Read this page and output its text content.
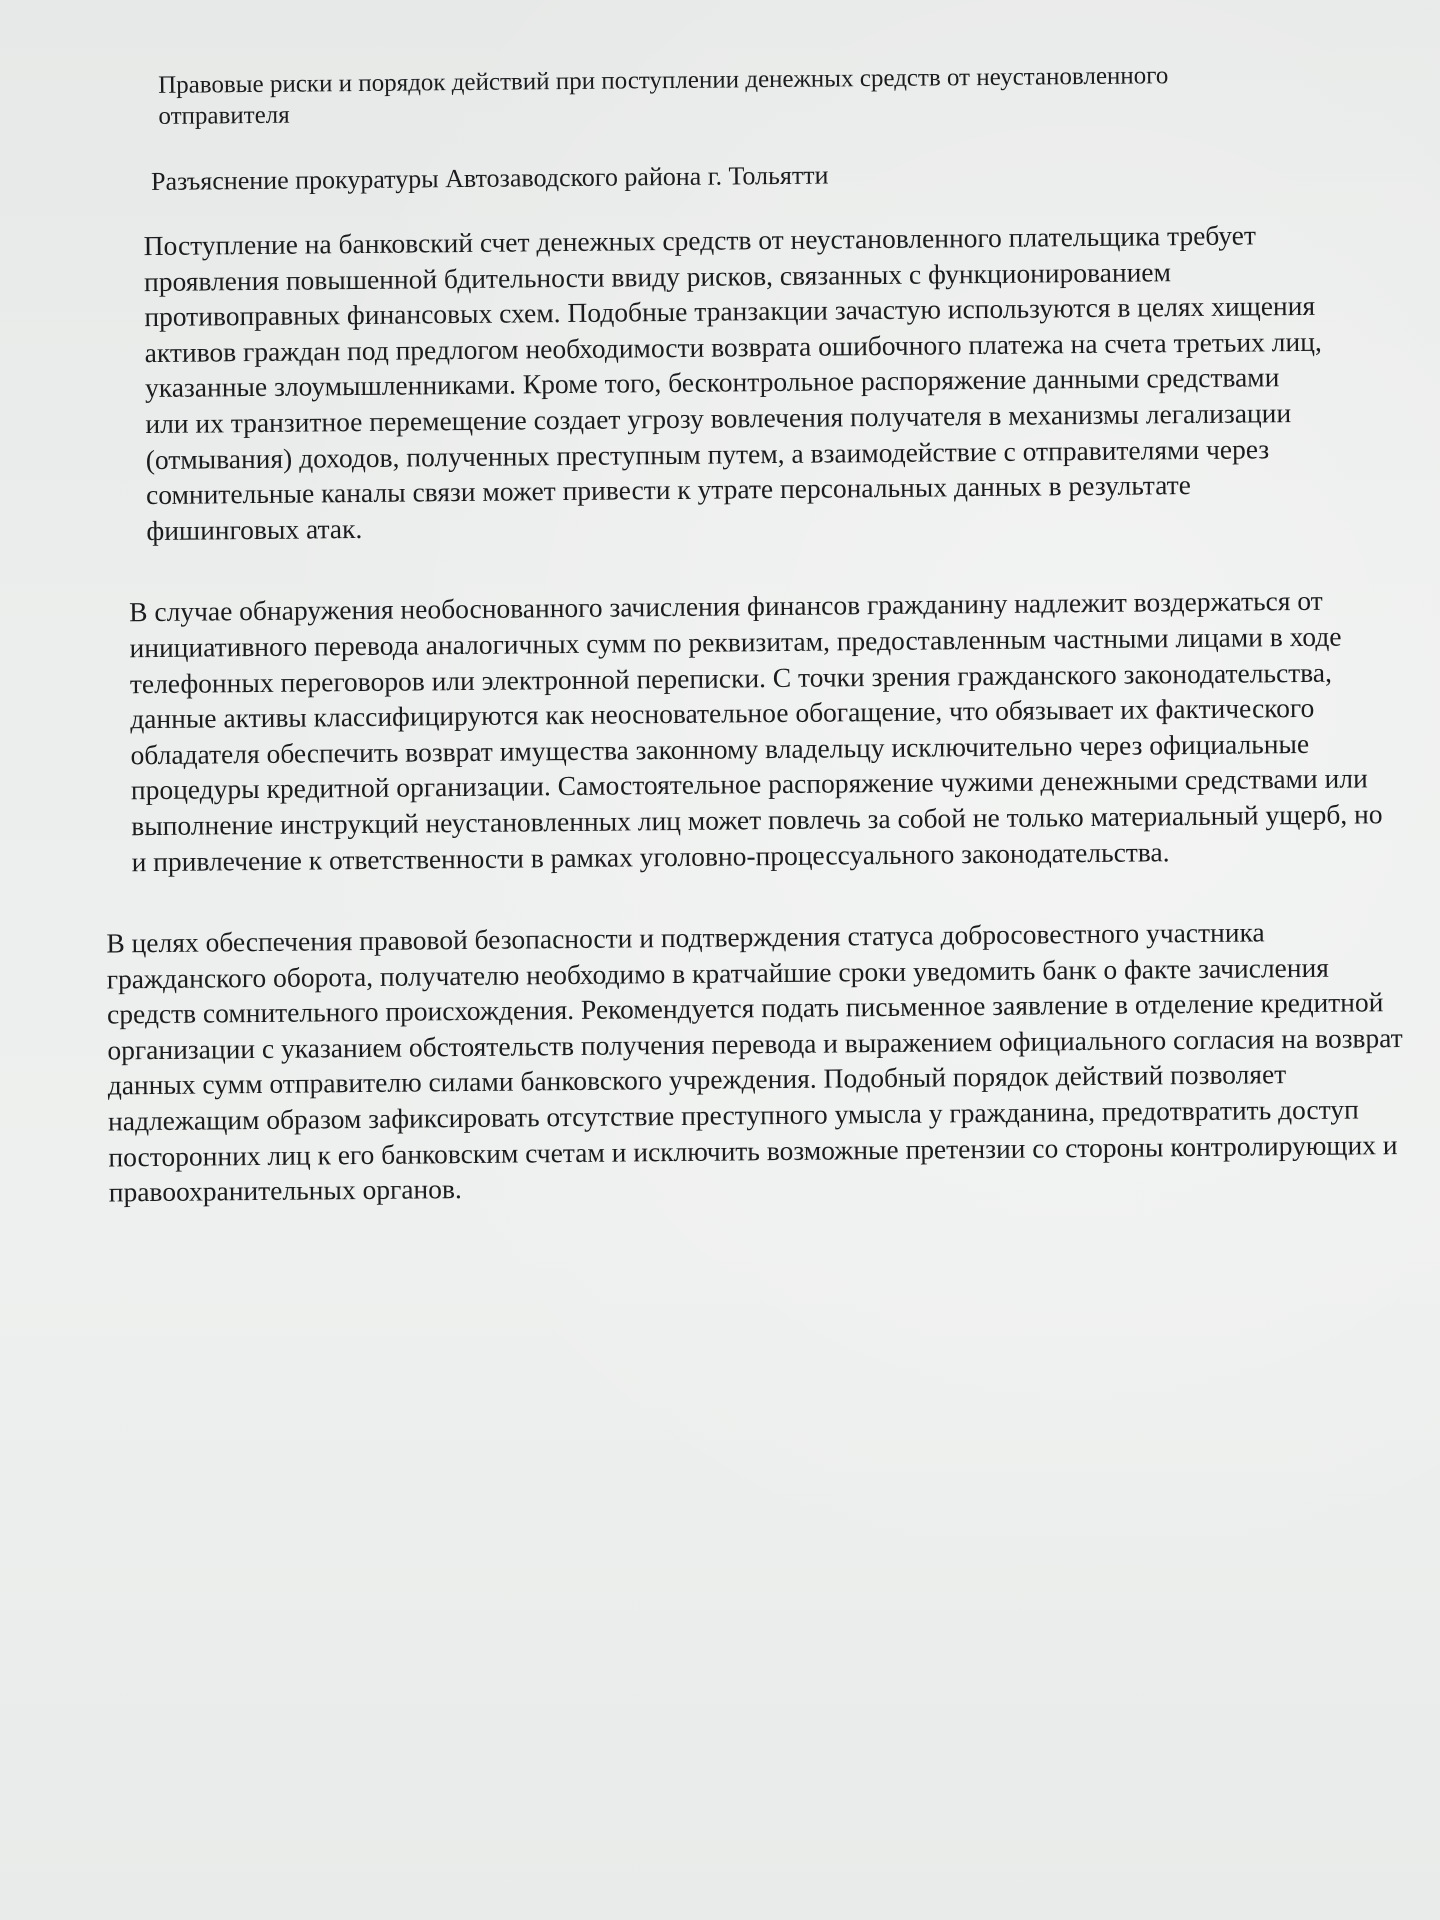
Правовые риски и порядок действий при поступлении денежных средств от неустановленного отправителя
Разъяснение прокуратуры Автозаводского района г. Тольятти
Поступление на банковский счет денежных средств от неустановленного плательщика требует проявления повышенной бдительности ввиду рисков, связанных с функционированием противоправных финансовых схем. Подобные транзакции зачастую используются в целях хищения активов граждан под предлогом необходимости возврата ошибочного платежа на счета третьих лиц, указанные злоумышленниками. Кроме того, бесконтрольное распоряжение данными средствами или их транзитное перемещение создает угрозу вовлечения получателя в механизмы легализации (отмывания) доходов, полученных преступным путем, а взаимодействие с отправителями через сомнительные каналы связи может привести к утрате персональных данных в результате фишинговых атак.
В случае обнаружения необоснованного зачисления финансов гражданину надлежит воздержаться от инициативного перевода аналогичных сумм по реквизитам, предоставленным частными лицами в ходе телефонных переговоров или электронной переписки. С точки зрения гражданского законодательства, данные активы классифицируются как неосновательное обогащение, что обязывает их фактического обладателя обеспечить возврат имущества законному владельцу исключительно через официальные процедуры кредитной организации. Самостоятельное распоряжение чужими денежными средствами или выполнение инструкций неустановленных лиц может повлечь за собой не только материальный ущерб, но и привлечение к ответственности в рамках уголовно-процессуального законодательства.
В целях обеспечения правовой безопасности и подтверждения статуса добросовестного участника гражданского оборота, получателю необходимо в кратчайшие сроки уведомить банк о факте зачисления средств сомнительного происхождения. Рекомендуется подать письменное заявление в отделение кредитной организации с указанием обстоятельств получения перевода и выражением официального согласия на возврат данных сумм отправителю силами банковского учреждения. Подобный порядок действий позволяет надлежащим образом зафиксировать отсутствие преступного умысла у гражданина, предотвратить доступ посторонних лиц к его банковским счетам и исключить возможные претензии со стороны контролирующих и правоохранительных органов.
